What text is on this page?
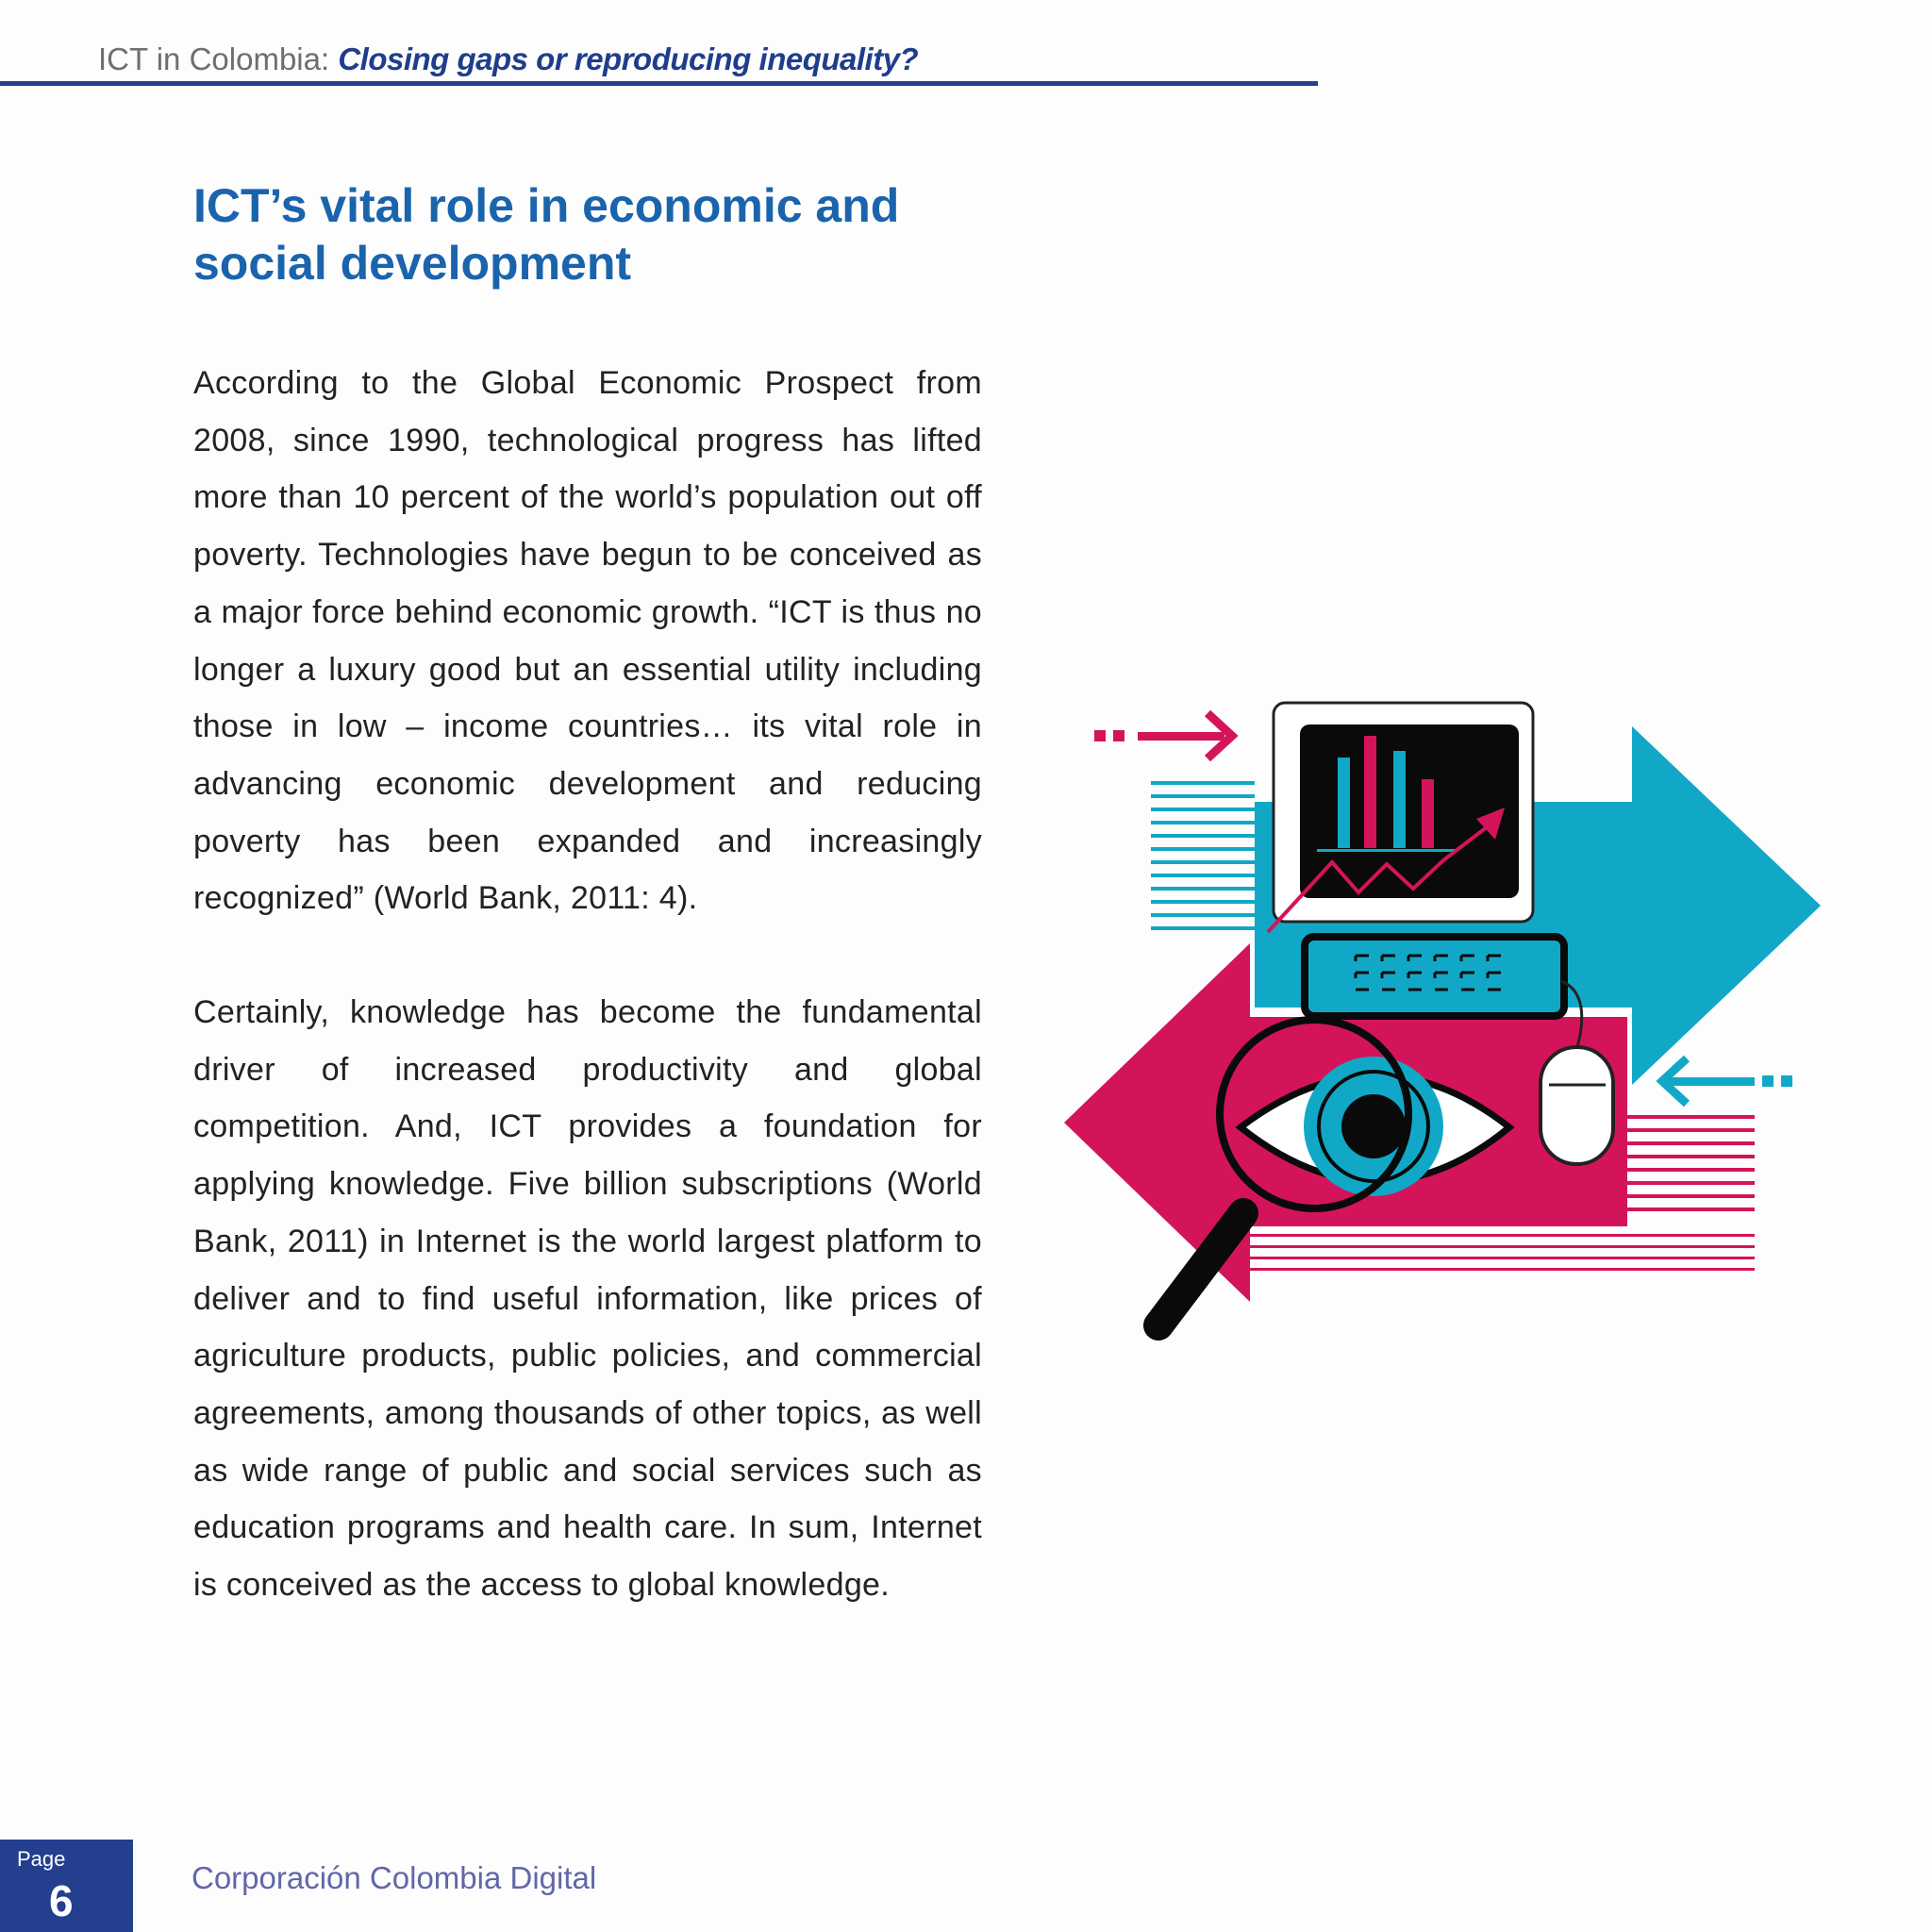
ICT in Colombia: Closing gaps or reproducing inequality?
ICT’s vital role in economic and social development

According to the Global Economic Prospect from 2008, since 1990, technological progress has lifted more than 10 percent of the world’s population out off poverty. Technologies have begun to be conceived as a major force behind economic growth. “ICT is thus no longer a luxury good but an essential utility including those in low – income countries… its vital role in advancing economic development and reducing poverty has been expanded and increasingly recognized” (World Bank, 2011: 4).

Certainly, knowledge has become the fundamental driver of increased productivity and global competition. And, ICT provides a foundation for applying knowledge. Five billion subscriptions (World Bank, 2011) in Internet is the world largest platform to deliver and to find useful information, like prices of agriculture products, public policies, and commercial agreements, among thousands of other topics, as well as wide range of public and social services such as education programs and health care. In sum, Internet is conceived as the access to global knowledge.

Page
6	Corporación Colombia Digital
